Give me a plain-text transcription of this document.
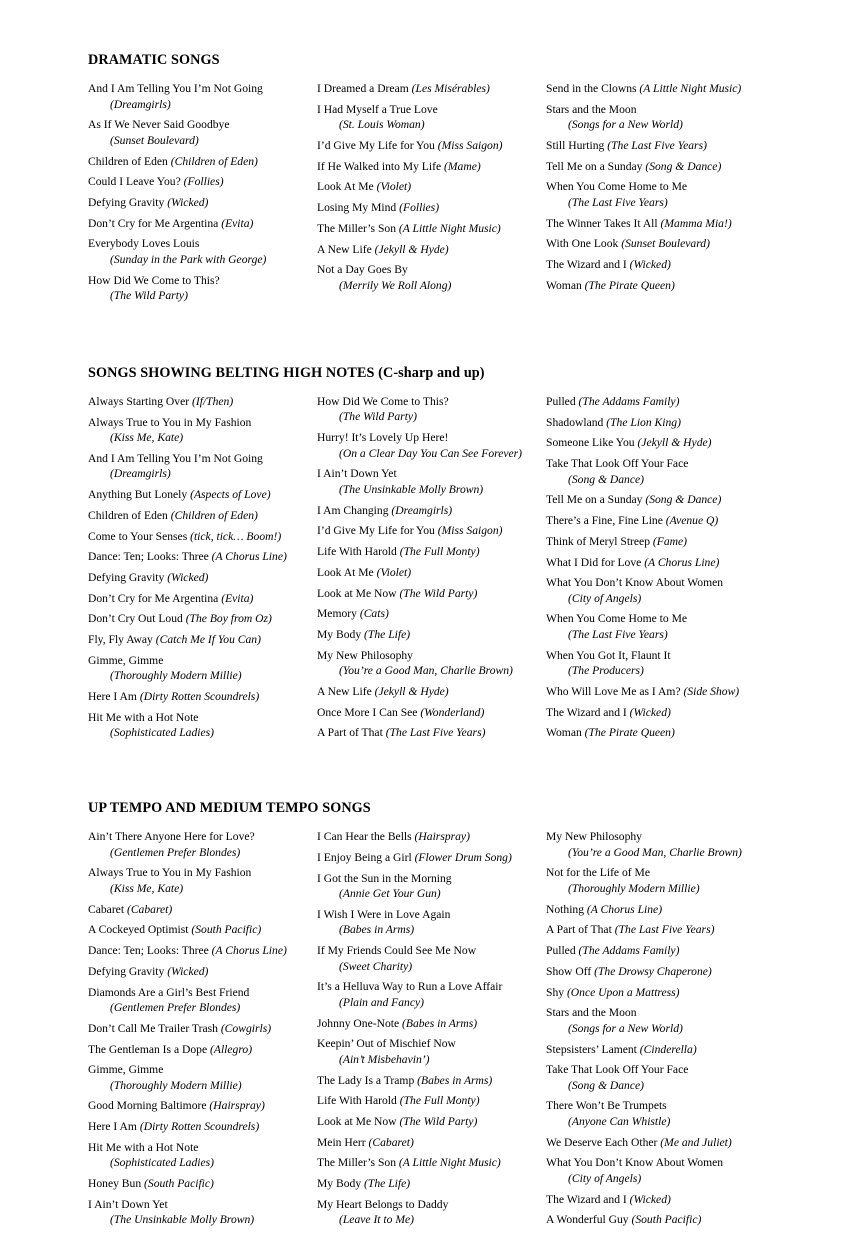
DRAMATIC SONGS
And I Am Telling You I’m Not Going
(Dreamgirls)
As If We Never Said Goodbye
(Sunset Boulevard)
Children of Eden (Children of Eden)
Could I Leave You? (Follies)
Defying Gravity (Wicked)
Don’t Cry for Me Argentina (Evita)
Everybody Loves Louis
(Sunday in the Park with George)
How Did We Come to This?
(The Wild Party)
I Dreamed a Dream (Les Misérables)
I Had Myself a True Love
(St. Louis Woman)
I’d Give My Life for You (Miss Saigon)
If He Walked into My Life (Mame)
Look At Me (Violet)
Losing My Mind (Follies)
The Miller’s Son (A Little Night Music)
A New Life (Jekyll & Hyde)
Not a Day Goes By
(Merrily We Roll Along)
Send in the Clowns (A Little Night Music)
Stars and the Moon
(Songs for a New World)
Still Hurting (The Last Five Years)
Tell Me on a Sunday (Song & Dance)
When You Come Home to Me
(The Last Five Years)
The Winner Takes It All (Mamma Mia!)
With One Look (Sunset Boulevard)
The Wizard and I (Wicked)
Woman (The Pirate Queen)
SONGS SHOWING BELTING HIGH NOTES (C-sharp and up)
Always Starting Over (If/Then)
Always True to You in My Fashion
(Kiss Me, Kate)
And I Am Telling You I’m Not Going
(Dreamgirls)
Anything But Lonely (Aspects of Love)
Children of Eden (Children of Eden)
Come to Your Senses (tick, tick… Boom!)
Dance: Ten; Looks: Three (A Chorus Line)
Defying Gravity (Wicked)
Don’t Cry for Me Argentina (Evita)
Don’t Cry Out Loud (The Boy from Oz)
Fly, Fly Away (Catch Me If You Can)
Gimme, Gimme
(Thoroughly Modern Millie)
Here I Am (Dirty Rotten Scoundrels)
Hit Me with a Hot Note
(Sophisticated Ladies)
How Did We Come to This?
(The Wild Party)
Hurry! It’s Lovely Up Here!
(On a Clear Day You Can See Forever)
I Ain’t Down Yet
(The Unsinkable Molly Brown)
I Am Changing (Dreamgirls)
I’d Give My Life for You (Miss Saigon)
Life With Harold (The Full Monty)
Look At Me (Violet)
Look at Me Now (The Wild Party)
Memory (Cats)
My Body (The Life)
My New Philosophy
(You’re a Good Man, Charlie Brown)
A New Life (Jekyll & Hyde)
Once More I Can See (Wonderland)
A Part of That (The Last Five Years)
Pulled (The Addams Family)
Shadowland (The Lion King)
Someone Like You (Jekyll & Hyde)
Take That Look Off Your Face
(Song & Dance)
Tell Me on a Sunday (Song & Dance)
There’s a Fine, Fine Line (Avenue Q)
Think of Meryl Streep (Fame)
What I Did for Love (A Chorus Line)
What You Don’t Know About Women
(City of Angels)
When You Come Home to Me
(The Last Five Years)
When You Got It, Flaunt It
(The Producers)
Who Will Love Me as I Am? (Side Show)
The Wizard and I (Wicked)
Woman (The Pirate Queen)
UP TEMPO AND MEDIUM TEMPO SONGS
Ain’t There Anyone Here for Love?
(Gentlemen Prefer Blondes)
Always True to You in My Fashion
(Kiss Me, Kate)
Cabaret (Cabaret)
A Cockeyed Optimist (South Pacific)
Dance: Ten; Looks: Three (A Chorus Line)
Defying Gravity (Wicked)
Diamonds Are a Girl’s Best Friend
(Gentlemen Prefer Blondes)
Don’t Call Me Trailer Trash (Cowgirls)
The Gentleman Is a Dope (Allegro)
Gimme, Gimme
(Thoroughly Modern Millie)
Good Morning Baltimore (Hairspray)
Here I Am (Dirty Rotten Scoundrels)
Hit Me with a Hot Note
(Sophisticated Ladies)
Honey Bun (South Pacific)
I Ain’t Down Yet
(The Unsinkable Molly Brown)
I Can Hear the Bells (Hairspray)
I Enjoy Being a Girl (Flower Drum Song)
I Got the Sun in the Morning
(Annie Get Your Gun)
I Wish I Were in Love Again
(Babes in Arms)
If My Friends Could See Me Now
(Sweet Charity)
It’s a Helluva Way to Run a Love Affair
(Plain and Fancy)
Johnny One-Note (Babes in Arms)
Keepin’ Out of Mischief Now
(Ain’t Misbehavin’)
The Lady Is a Tramp (Babes in Arms)
Life With Harold (The Full Monty)
Look at Me Now (The Wild Party)
Mein Herr (Cabaret)
The Miller’s Son (A Little Night Music)
My Body (The Life)
My Heart Belongs to Daddy
(Leave It to Me)
My New Philosophy
(You’re a Good Man, Charlie Brown)
Not for the Life of Me
(Thoroughly Modern Millie)
Nothing (A Chorus Line)
A Part of That (The Last Five Years)
Pulled (The Addams Family)
Show Off (The Drowsy Chaperone)
Shy (Once Upon a Mattress)
Stars and the Moon
(Songs for a New World)
Stepsisters’ Lament (Cinderella)
Take That Look Off Your Face
(Song & Dance)
There Won’t Be Trumpets
(Anyone Can Whistle)
We Deserve Each Other (Me and Juliet)
What You Don’t Know About Women
(City of Angels)
The Wizard and I (Wicked)
A Wonderful Guy (South Pacific)
